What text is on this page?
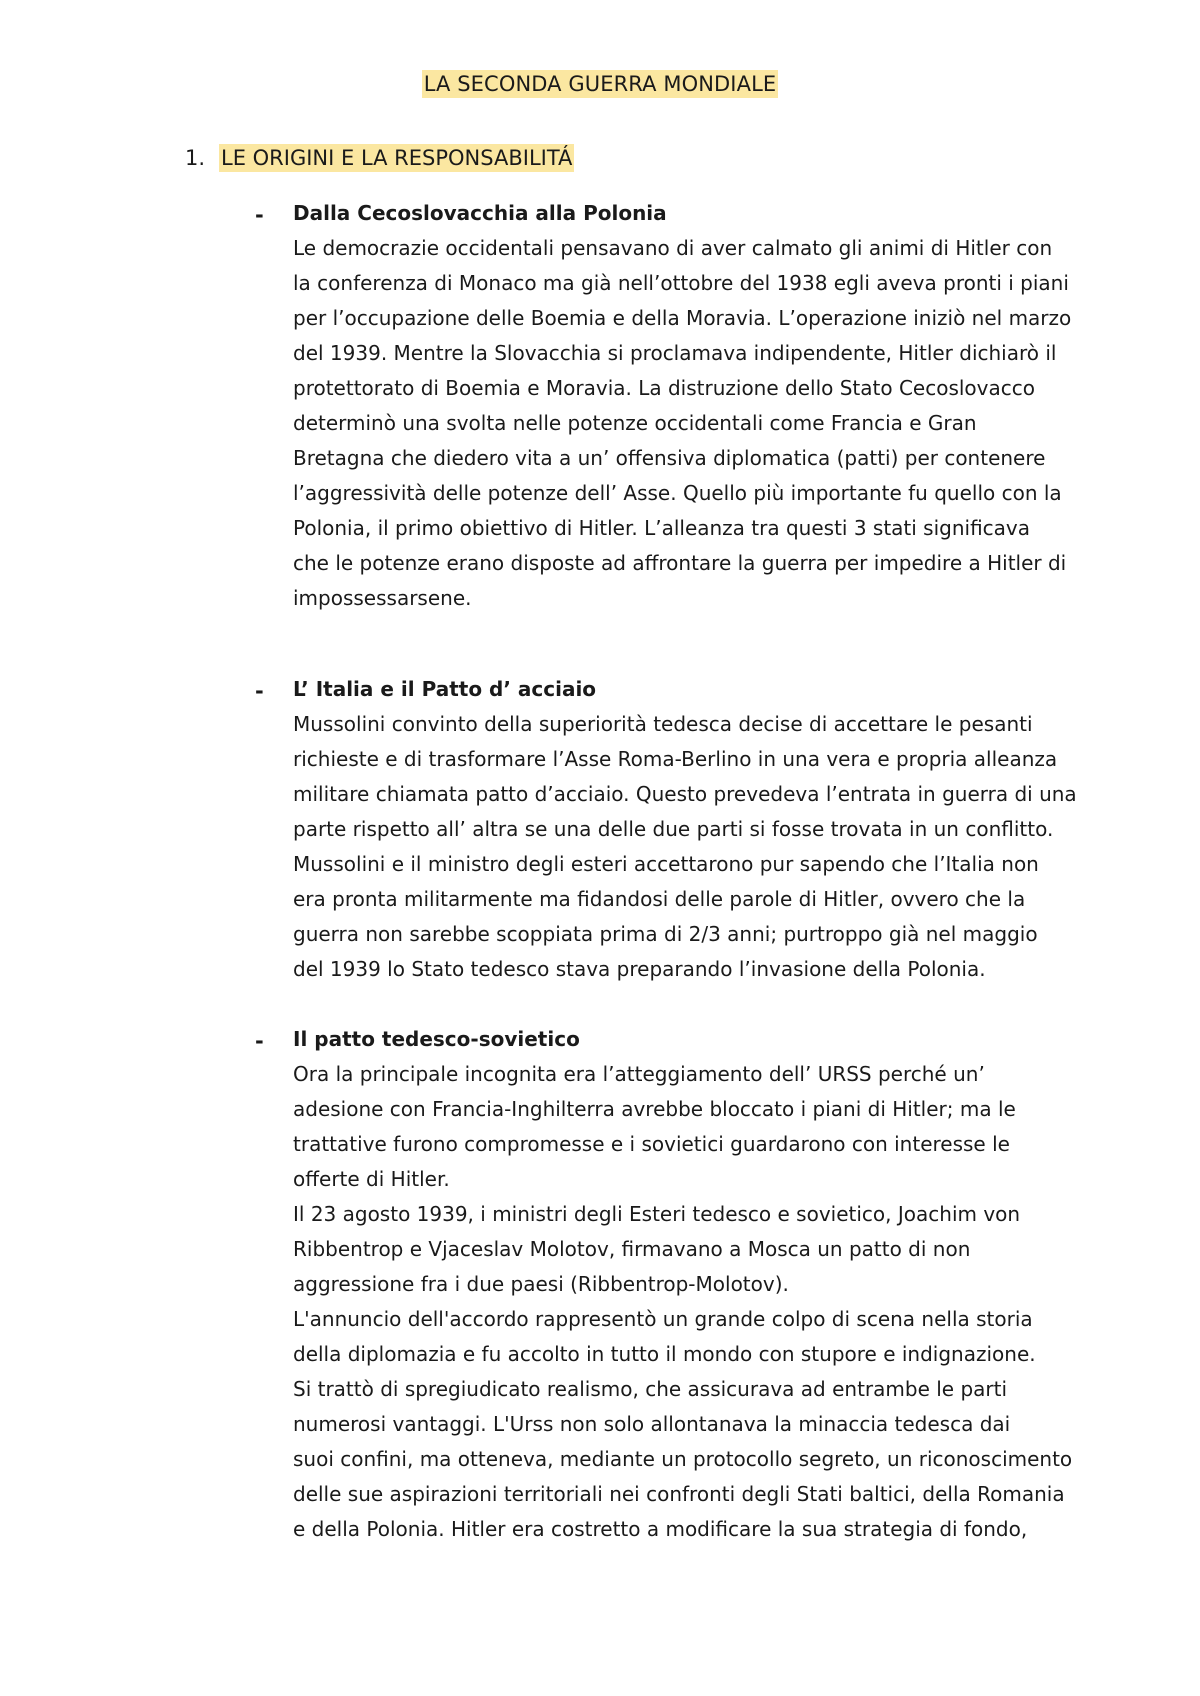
LA SECONDA GUERRA MONDIALE
1. LE ORIGINI E LA RESPONSABILITÁ
- Dalla Cecoslovacchia alla Polonia
Le democrazie occidentali pensavano di aver calmato gli animi di Hitler con
la conferenza di Monaco ma già nell’ottobre del 1938 egli aveva pronti i piani
per l’occupazione delle Boemia e della Moravia. L’operazione iniziò nel marzo
del 1939. Mentre la Slovacchia si proclamava indipendente, Hitler dichiarò il
protettorato di Boemia e Moravia. La distruzione dello Stato Cecoslovacco
determinò una svolta nelle potenze occidentali come Francia e Gran
Bretagna che diedero vita a un’ offensiva diplomatica (patti) per contenere
l’aggressività delle potenze dell’ Asse. Quello più importante fu quello con la
Polonia, il primo obiettivo di Hitler. L’alleanza tra questi 3 stati significava
che le potenze erano disposte ad affrontare la guerra per impedire a Hitler di
impossessarsene.
- L’ Italia e il Patto d’ acciaio
Mussolini convinto della superiorità tedesca decise di accettare le pesanti
richieste e di trasformare l’Asse Roma-Berlino in una vera e propria alleanza
militare chiamata patto d’acciaio. Questo prevedeva l’entrata in guerra di una
parte rispetto all’ altra se una delle due parti si fosse trovata in un conflitto.
Mussolini e il ministro degli esteri accettarono pur sapendo che l’Italia non
era pronta militarmente ma fidandosi delle parole di Hitler, ovvero che la
guerra non sarebbe scoppiata prima di 2/3 anni; purtroppo già nel maggio
del 1939 lo Stato tedesco stava preparando l’invasione della Polonia.
- Il patto tedesco-sovietico
Ora la principale incognita era l’atteggiamento dell’ URSS perché un’
adesione con Francia-Inghilterra avrebbe bloccato i piani di Hitler; ma le
trattative furono compromesse e i sovietici guardarono con interesse le
offerte di Hitler.
Il 23 agosto 1939, i ministri degli Esteri tedesco e sovietico, Joachim von
Ribbentrop e Vjaceslav Molotov, firmavano a Mosca un patto di non
aggressione fra i due paesi (Ribbentrop-Molotov).
L'annuncio dell'accordo rappresentò un grande colpo di scena nella storia
della diplomazia e fu accolto in tutto il mondo con stupore e indignazione.
Si trattò di spregiudicato realismo, che assicurava ad entrambe le parti
numerosi vantaggi. L'Urss non solo allontanava la minaccia tedesca dai
suoi confini, ma otteneva, mediante un protocollo segreto, un riconoscimento
delle sue aspirazioni territoriali nei confronti degli Stati baltici, della Romania
e della Polonia. Hitler era costretto a modificare la sua strategia di fondo,
